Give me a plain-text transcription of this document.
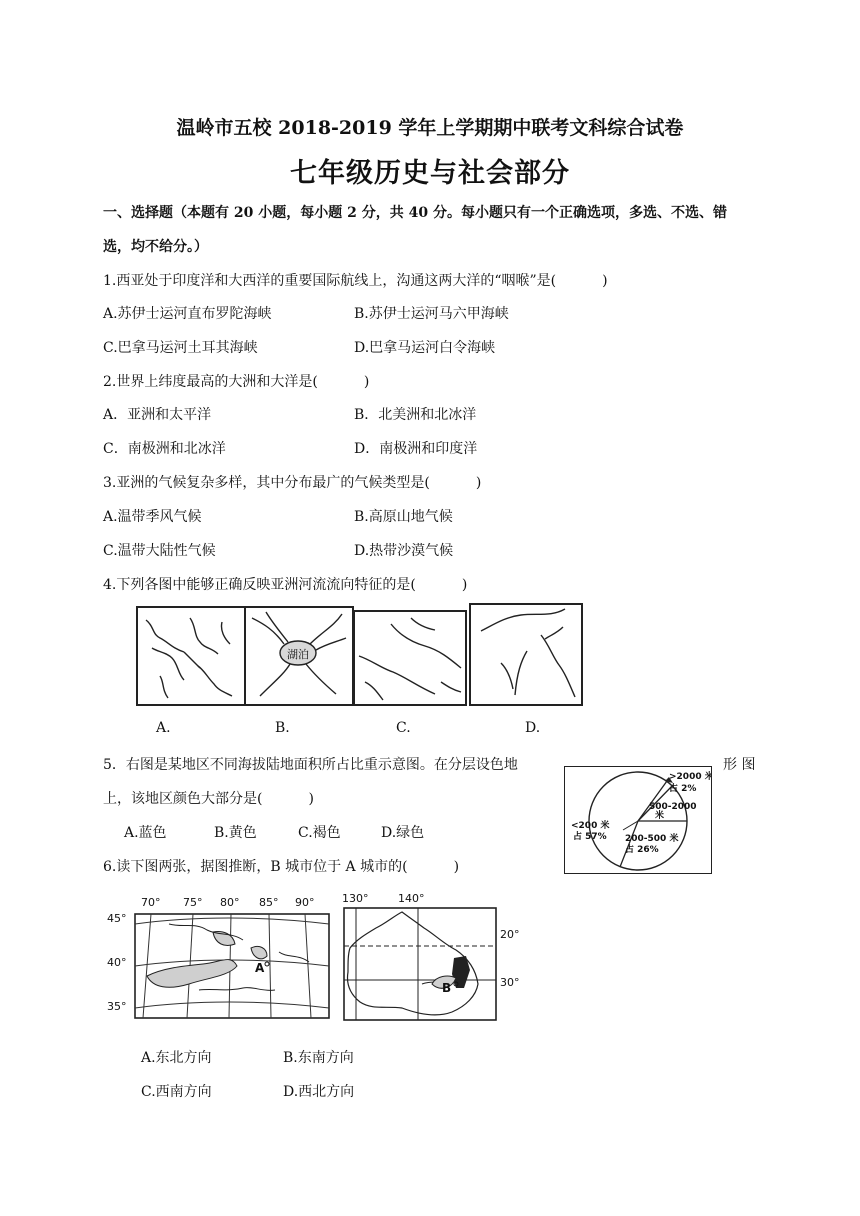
温岭市五校 2018-2019 学年上学期期中联考文科综合试卷
七年级历史与社会部分
一、选择题（本题有 20 小题，每小题 2 分，共 40 分。每小题只有一个正确选项，多选、不选、错
选，均不给分。）
1.西亚处于印度洋和大西洋的重要国际航线上，沟通这两大洋的“咽喉”是(	)
A.苏伊士运河直布罗陀海峡	B.苏伊士运河马六甲海峡
C.巴拿马运河土耳其海峡	D.巴拿马运河白令海峡
2.世界上纬度最高的大洲和大洋是(	)
A．亚洲和太平洋	B．北美洲和北冰洋
C．南极洲和北冰洋	D．南极洲和印度洋
3.亚洲的气候复杂多样，其中分布最广的气候类型是(	)
A.温带季风气候	B.高原山地气候
C.温带大陆性气候	D.热带沙漠气候
4.下列各图中能够正确反映亚洲河流流向特征的是(	)
湖泊
A.	B.	C.	D.
5．右图是某地区不同海拔陆地面积所占比重示意图。在分层设色地	形 图
上，该地区颜色大部分是(	)
A.蓝色	B.黄色	C.褐色	D.绿色
>2000 米
占 2%
500-2000
米
200-500 米
占 26%
<200 米
占 57%
6.读下图两张，据图推断，B 城市位于 A 城市的(	)
70° 75° 80° 85° 90°
45°
40°
35°
A
130°	140°
20°
30°
B
A.东北方向	B.东南方向
C.西南方向	D.西北方向
